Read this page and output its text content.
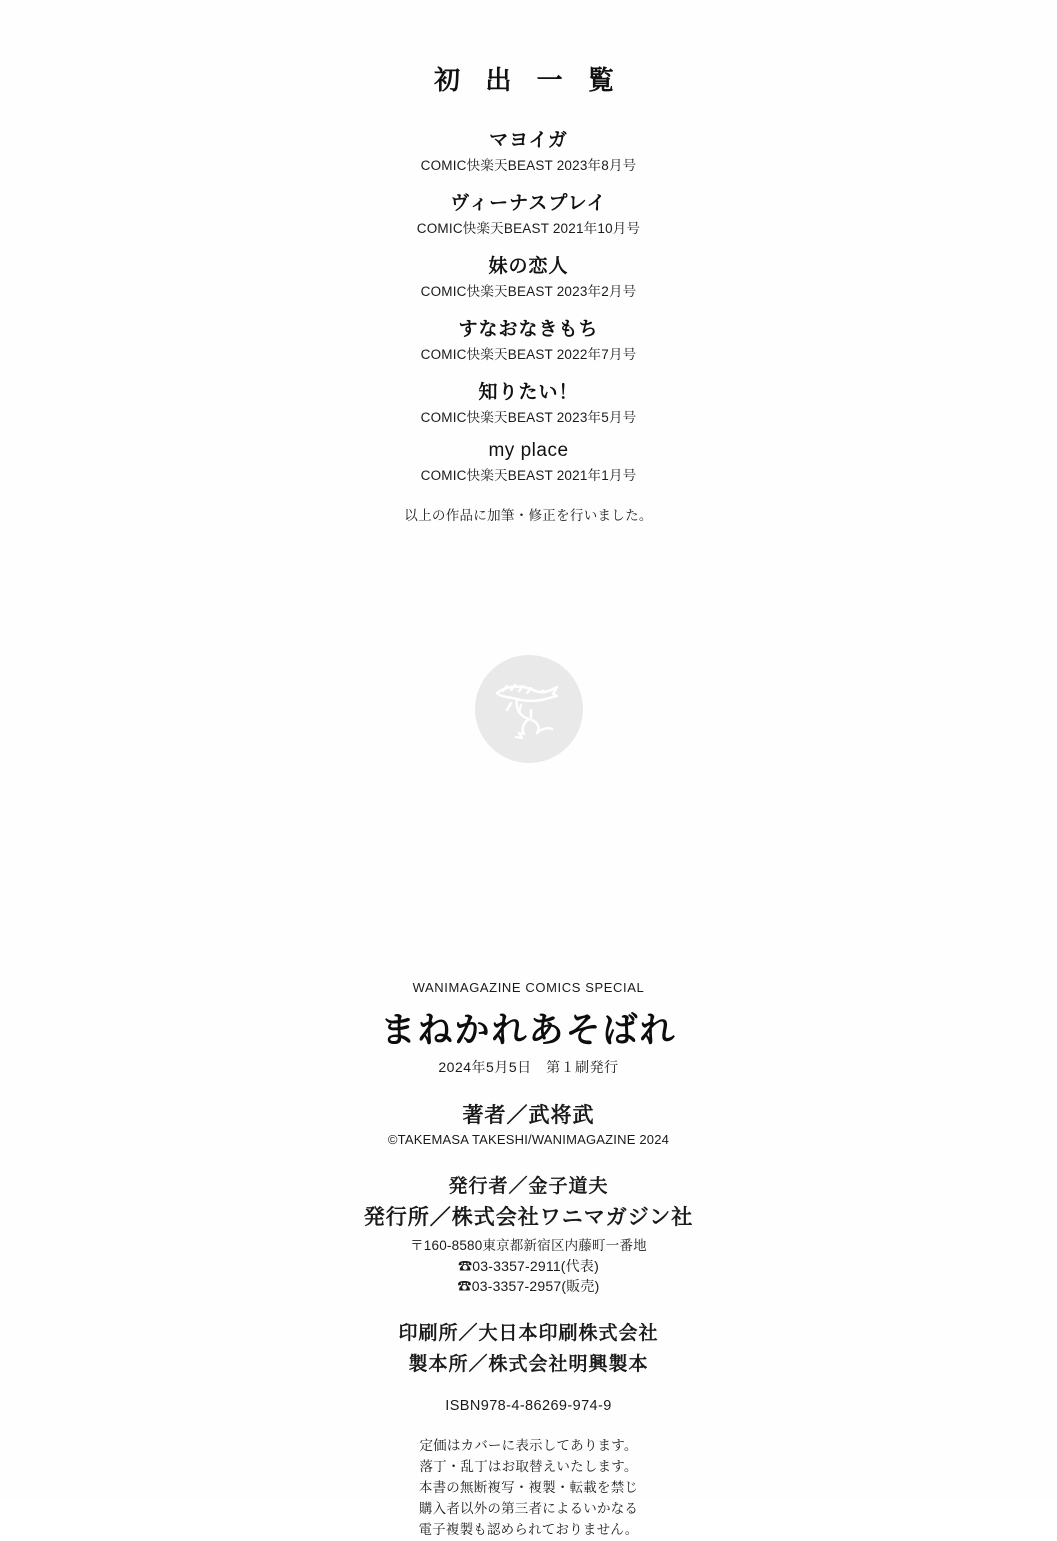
初 出 一 覧
マヨイガ
COMIC快楽天BEAST 2023年8月号
ヴィーナスプレイ
COMIC快楽天BEAST 2021年10月号
妹の恋人
COMIC快楽天BEAST 2023年2月号
すなおなきもち
COMIC快楽天BEAST 2022年7月号
知りたい！
COMIC快楽天BEAST 2023年5月号
my place
COMIC快楽天BEAST 2021年1月号
以上の作品に加筆・修正を行いました。
WANIMAGAZINE COMICS SPECIAL
まねかれあそばれ
2024年5月5日　第１刷発行
著者／武将武
©TAKEMASA TAKESHI/WANIMAGAZINE 2024
発行者／金子道夫
発行所／株式会社ワニマガジン社
〒160-8580東京都新宿区内藤町一番地
☎03-3357-2911(代表)
☎03-3357-2957(販売)
印刷所／大日本印刷株式会社
製本所／株式会社明興製本
ISBN978-4-86269-974-9
定価はカバーに表示してあります。
落丁・乱丁はお取替えいたします。
本書の無断複写・複製・転載を禁じ
購入者以外の第三者によるいかなる
電子複製も認められておりません。
